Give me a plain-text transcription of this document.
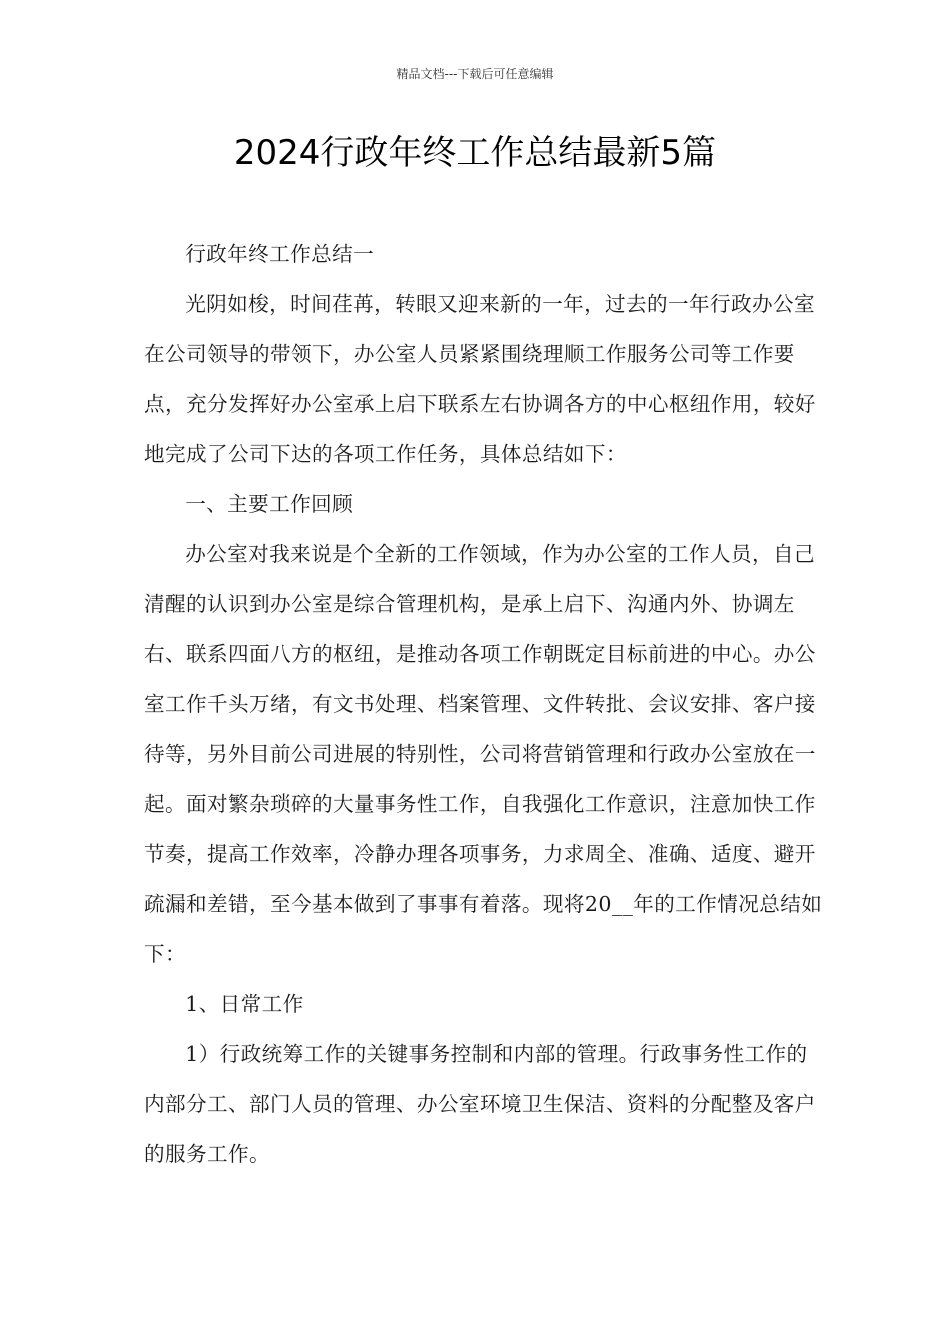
精品文档---下载后可任意编辑
2024行政年终工作总结最新5篇

行政年终工作总结一

光阴如梭，时间荏苒，转眼又迎来新的一年，过去的一年行政办公室在公司领导的带领下，办公室人员紧紧围绕理顺工作服务公司等工作要点，充分发挥好办公室承上启下联系左右协调各方的中心枢纽作用，较好地完成了公司下达的各项工作任务，具体总结如下：

一、主要工作回顾

办公室对我来说是个全新的工作领域，作为办公室的工作人员，自己清醒的认识到办公室是综合管理机构，是承上启下、沟通内外、协调左右、联系四面八方的枢纽，是推动各项工作朝既定目标前进的中心。办公室工作千头万绪，有文书处理、档案管理、文件转批、会议安排、客户接待等，另外目前公司进展的特别性，公司将营销管理和行政办公室放在一起。面对繁杂琐碎的大量事务性工作，自我强化工作意识，注意加快工作节奏，提高工作效率，冷静办理各项事务，力求周全、准确、适度、避开疏漏和差错，至今基本做到了事事有着落。现将20__年的工作情况总结如下：

1、日常工作

1）行政统筹工作的关键事务控制和内部的管理。行政事务性工作的内部分工、部门人员的管理、办公室环境卫生保洁、资料的分配整及客户的服务工作。
